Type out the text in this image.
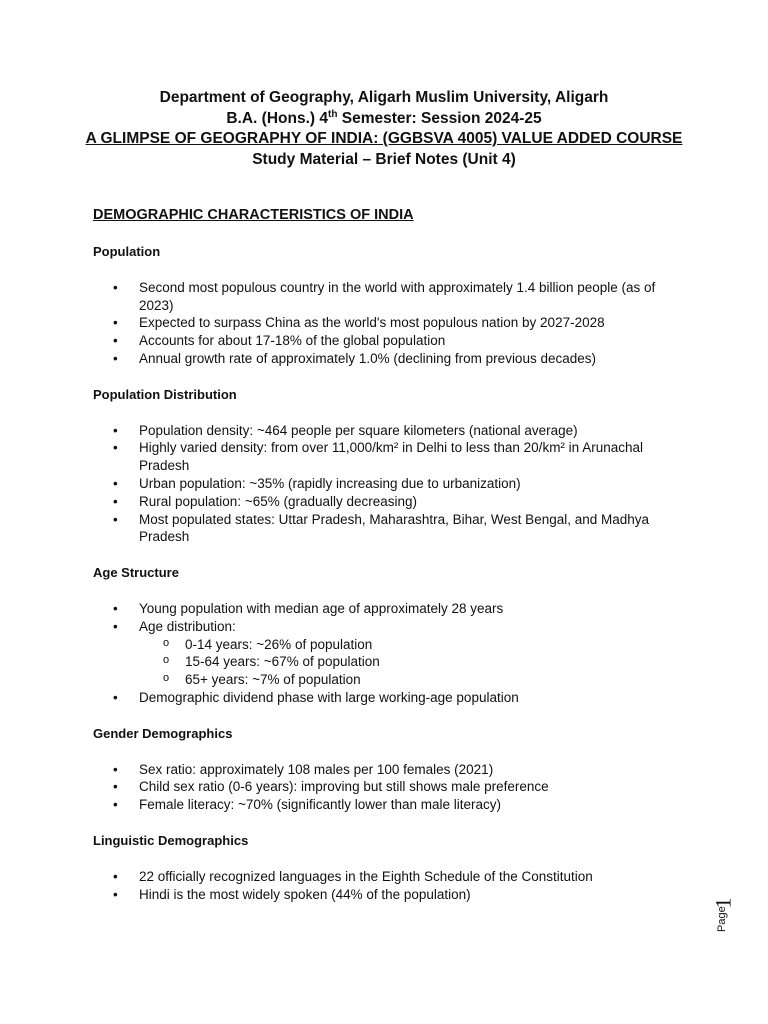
Department of Geography, Aligarh Muslim University, Aligarh
B.A. (Hons.) 4th Semester: Session 2024-25
A GLIMPSE OF GEOGRAPHY OF INDIA: (GGBSVA 4005) VALUE ADDED COURSE
Study Material – Brief Notes (Unit 4)
DEMOGRAPHIC CHARACTERISTICS OF INDIA
Population
• Second most populous country in the world with approximately 1.4 billion people (as of 2023)
• Expected to surpass China as the world's most populous nation by 2027-2028
• Accounts for about 17-18% of the global population
• Annual growth rate of approximately 1.0% (declining from previous decades)
Population Distribution
• Population density: ~464 people per square kilometers (national average)
• Highly varied density: from over 11,000/km² in Delhi to less than 20/km² in Arunachal Pradesh
• Urban population: ~35% (rapidly increasing due to urbanization)
• Rural population: ~65% (gradually decreasing)
• Most populated states: Uttar Pradesh, Maharashtra, Bihar, West Bengal, and Madhya Pradesh
Age Structure
• Young population with median age of approximately 28 years
• Age distribution:
o 0-14 years: ~26% of population
o 15-64 years: ~67% of population
o 65+ years: ~7% of population
• Demographic dividend phase with large working-age population
Gender Demographics
• Sex ratio: approximately 108 males per 100 females (2021)
• Child sex ratio (0-6 years): improving but still shows male preference
• Female literacy: ~70% (significantly lower than male literacy)
Linguistic Demographics
• 22 officially recognized languages in the Eighth Schedule of the Constitution
• Hindi is the most widely spoken (44% of the population)
1
Page
